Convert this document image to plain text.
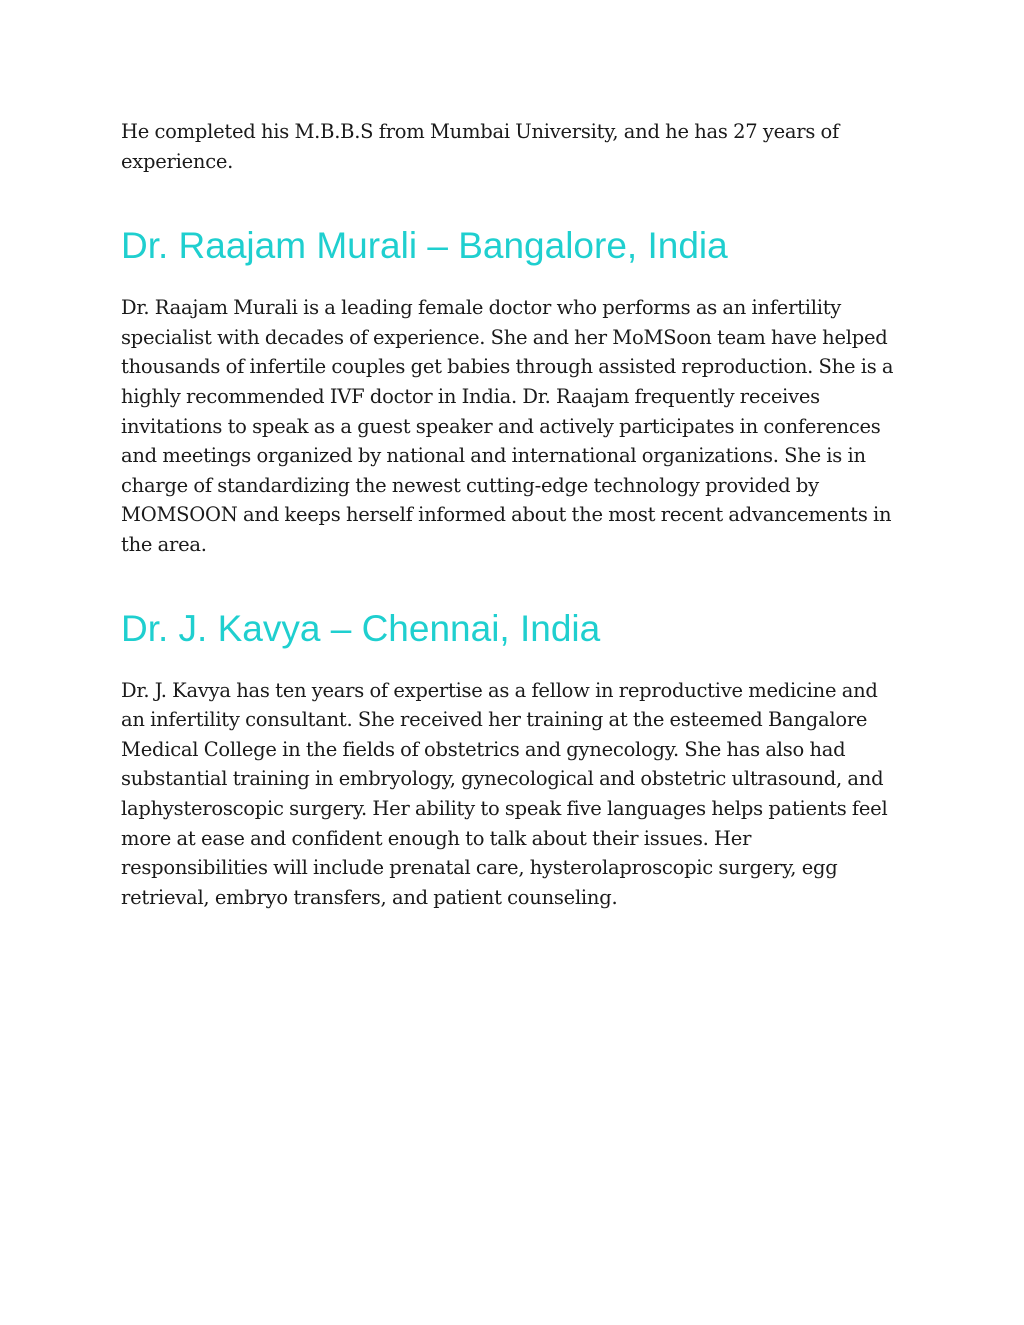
He completed his M.B.B.S from Mumbai University, and he has 27 years of experience.

Dr. Raajam Murali – Bangalore, India

Dr. Raajam Murali is a leading female doctor who performs as an infertility specialist with decades of experience. She and her MoMSoon team have helped thousands of infertile couples get babies through assisted reproduction. She is a highly recommended IVF doctor in India. Dr. Raajam frequently receives invitations to speak as a guest speaker and actively participates in conferences and meetings organized by national and international organizations. She is in charge of standardizing the newest cutting-edge technology provided by MOMSOON and keeps herself informed about the most recent advancements in the area.

Dr. J. Kavya – Chennai, India

Dr. J. Kavya has ten years of expertise as a fellow in reproductive medicine and an infertility consultant. She received her training at the esteemed Bangalore Medical College in the fields of obstetrics and gynecology. She has also had substantial training in embryology, gynecological and obstetric ultrasound, and laphysteroscopic surgery. Her ability to speak five languages helps patients feel more at ease and confident enough to talk about their issues. Her responsibilities will include prenatal care, hysterolaproscopic surgery, egg retrieval, embryo transfers, and patient counseling.
